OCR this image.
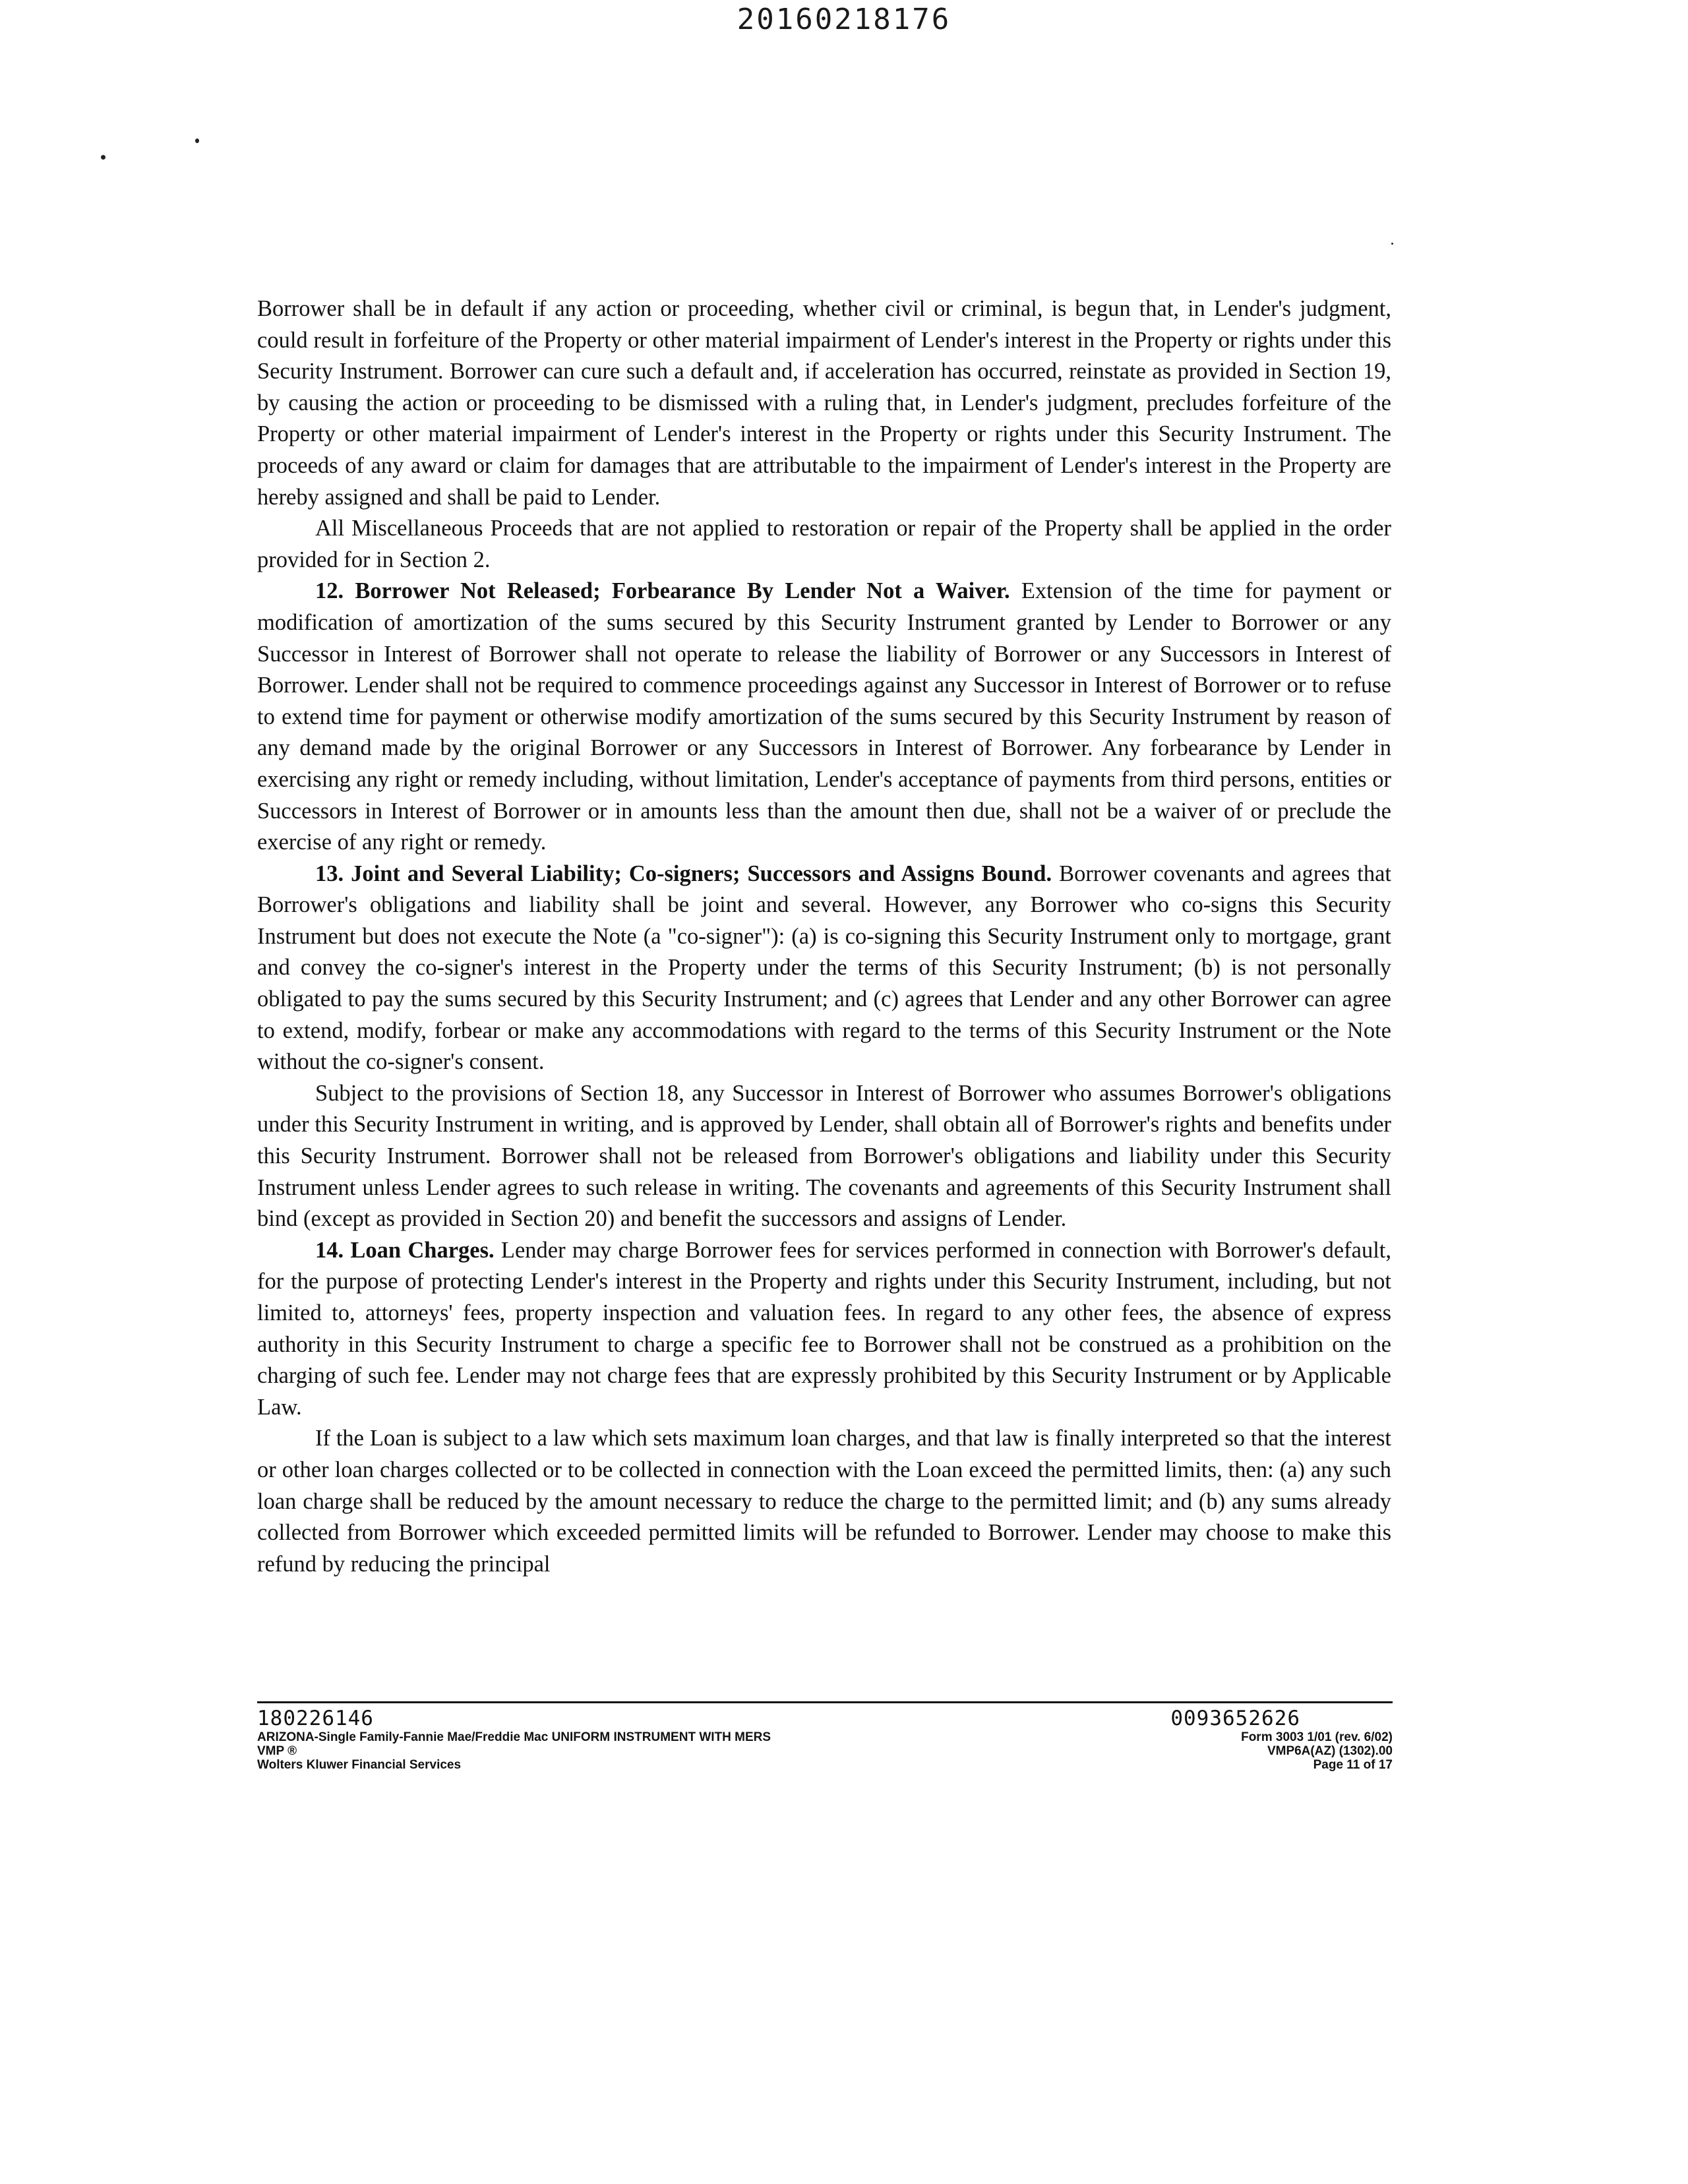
20160218176

Borrower shall be in default if any action or proceeding, whether civil or criminal, is begun that, in Lender's judgment, could result in forfeiture of the Property or other material impairment of Lender's interest in the Property or rights under this Security Instrument. Borrower can cure such a default and, if acceleration has occurred, reinstate as provided in Section 19, by causing the action or proceeding to be dismissed with a ruling that, in Lender's judgment, precludes forfeiture of the Property or other material impairment of Lender's interest in the Property or rights under this Security Instrument. The proceeds of any award or claim for damages that are attributable to the impairment of Lender's interest in the Property are hereby assigned and shall be paid to Lender.

All Miscellaneous Proceeds that are not applied to restoration or repair of the Property shall be applied in the order provided for in Section 2.

12. Borrower Not Released; Forbearance By Lender Not a Waiver. Extension of the time for payment or modification of amortization of the sums secured by this Security Instrument granted by Lender to Borrower or any Successor in Interest of Borrower shall not operate to release the liability of Borrower or any Successors in Interest of Borrower. Lender shall not be required to commence proceedings against any Successor in Interest of Borrower or to refuse to extend time for payment or otherwise modify amortization of the sums secured by this Security Instrument by reason of any demand made by the original Borrower or any Successors in Interest of Borrower. Any forbearance by Lender in exercising any right or remedy including, without limitation, Lender's acceptance of payments from third persons, entities or Successors in Interest of Borrower or in amounts less than the amount then due, shall not be a waiver of or preclude the exercise of any right or remedy.

13. Joint and Several Liability; Co-signers; Successors and Assigns Bound. Borrower covenants and agrees that Borrower's obligations and liability shall be joint and several. However, any Borrower who co-signs this Security Instrument but does not execute the Note (a "co-signer"): (a) is co-signing this Security Instrument only to mortgage, grant and convey the co-signer's interest in the Property under the terms of this Security Instrument; (b) is not personally obligated to pay the sums secured by this Security Instrument; and (c) agrees that Lender and any other Borrower can agree to extend, modify, forbear or make any accommodations with regard to the terms of this Security Instrument or the Note without the co-signer's consent.

Subject to the provisions of Section 18, any Successor in Interest of Borrower who assumes Borrower's obligations under this Security Instrument in writing, and is approved by Lender, shall obtain all of Borrower's rights and benefits under this Security Instrument. Borrower shall not be released from Borrower's obligations and liability under this Security Instrument unless Lender agrees to such release in writing. The covenants and agreements of this Security Instrument shall bind (except as provided in Section 20) and benefit the successors and assigns of Lender.

14. Loan Charges. Lender may charge Borrower fees for services performed in connection with Borrower's default, for the purpose of protecting Lender's interest in the Property and rights under this Security Instrument, including, but not limited to, attorneys' fees, property inspection and valuation fees. In regard to any other fees, the absence of express authority in this Security Instrument to charge a specific fee to Borrower shall not be construed as a prohibition on the charging of such fee. Lender may not charge fees that are expressly prohibited by this Security Instrument or by Applicable Law.

If the Loan is subject to a law which sets maximum loan charges, and that law is finally interpreted so that the interest or other loan charges collected or to be collected in connection with the Loan exceed the permitted limits, then: (a) any such loan charge shall be reduced by the amount necessary to reduce the charge to the permitted limit; and (b) any sums already collected from Borrower which exceeded permitted limits will be refunded to Borrower. Lender may choose to make this refund by reducing the principal

180226146
ARIZONA-Single Family-Fannie Mae/Freddie Mac UNIFORM INSTRUMENT WITH MERS
VMP ®
Wolters Kluwer Financial Services
0093652626
Form 3003 1/01 (rev. 6/02)
VMP6A(AZ) (1302).00
Page 11 of 17
